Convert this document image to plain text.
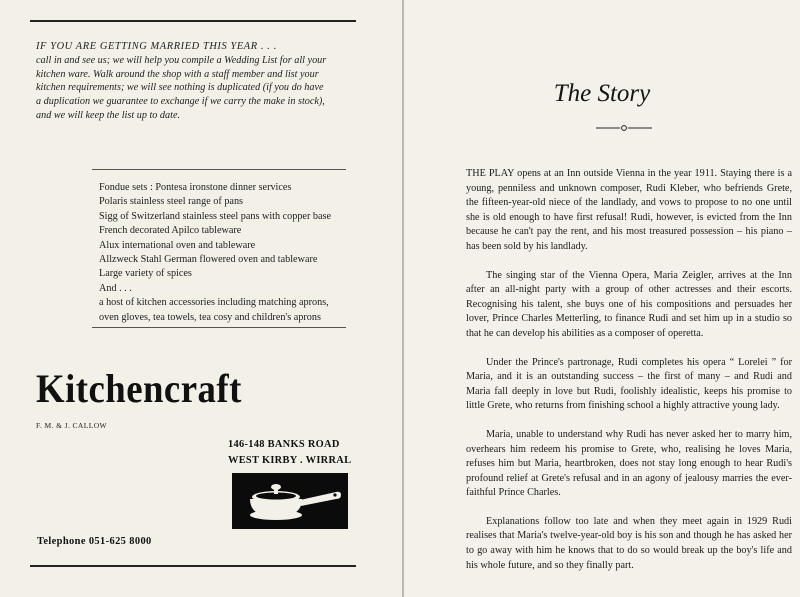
IF YOU ARE GETTING MARRIED THIS YEAR . . .
call in and see us; we will help you compile a Wedding List for all your
kitchen ware. Walk around the shop with a staff member and list your
kitchen requirements; we will see nothing is duplicated (if you do have
a duplication we guarantee to exchange if we carry the make in stock),
and we will keep the list up to date.
Fondue sets : Pontesa ironstone dinner services
Polaris stainless steel range of pans
Sigg of Switzerland stainless steel pans with copper base
French decorated Apilco tableware
Alux international oven and tableware
Allzweck Stahl German flowered oven and tableware
Large variety of spices
And . . .
a host of kitchen accessories including matching aprons,
oven gloves, tea towels, tea cosy and children's aprons
Kitchencraft
F. M. & J. CALLOW
146-148 BANKS ROAD
WEST KIRBY . WIRRAL
Telephone 051-625 8000
The Story

THE PLAY opens at an Inn outside Vienna in the year 1911. Staying there is a young, penniless and unknown composer, Rudi Kleber, who befriends Grete, the fifteen-year-old niece of the landlady, and vows to propose to no one until she is old enough to have first refusal! Rudi, however, is evicted from the Inn because he can't pay the rent, and his most treasured possession – his piano – has been sold by his landlady.

The singing star of the Vienna Opera, Maria Zeigler, arrives at the Inn after an all-night party with a group of other actresses and their escorts. Recognising his talent, she buys one of his compositions and persuades her lover, Prince Charles Metterling, to finance Rudi and set him up in a studio so that he can develop his abilities as a composer of operetta.

Under the Prince's partronage, Rudi completes his opera “ Lorelei ” for Maria, and it is an outstanding success – the first of many – and Rudi and Maria fall deeply in love but Rudi, foolishly idealistic, keeps his promise to little Grete, who returns from finishing school a highly attractive young lady.

Maria, unable to understand why Rudi has never asked her to marry him, overhears him redeem his promise to Grete, who, realising he loves Maria, refuses him but Maria, heartbroken, does not stay long enough to hear Rudi's profound relief at Grete's refusal and in an agony of jealousy marries the ever-faithful Prince Charles.

Explanations follow too late and when they meet again in 1929 Rudi realises that Maria's twelve-year-old boy is his son and though he has asked her to go away with him he knows that to do so would break up the boy's life and his whole future, and so they finally part.
